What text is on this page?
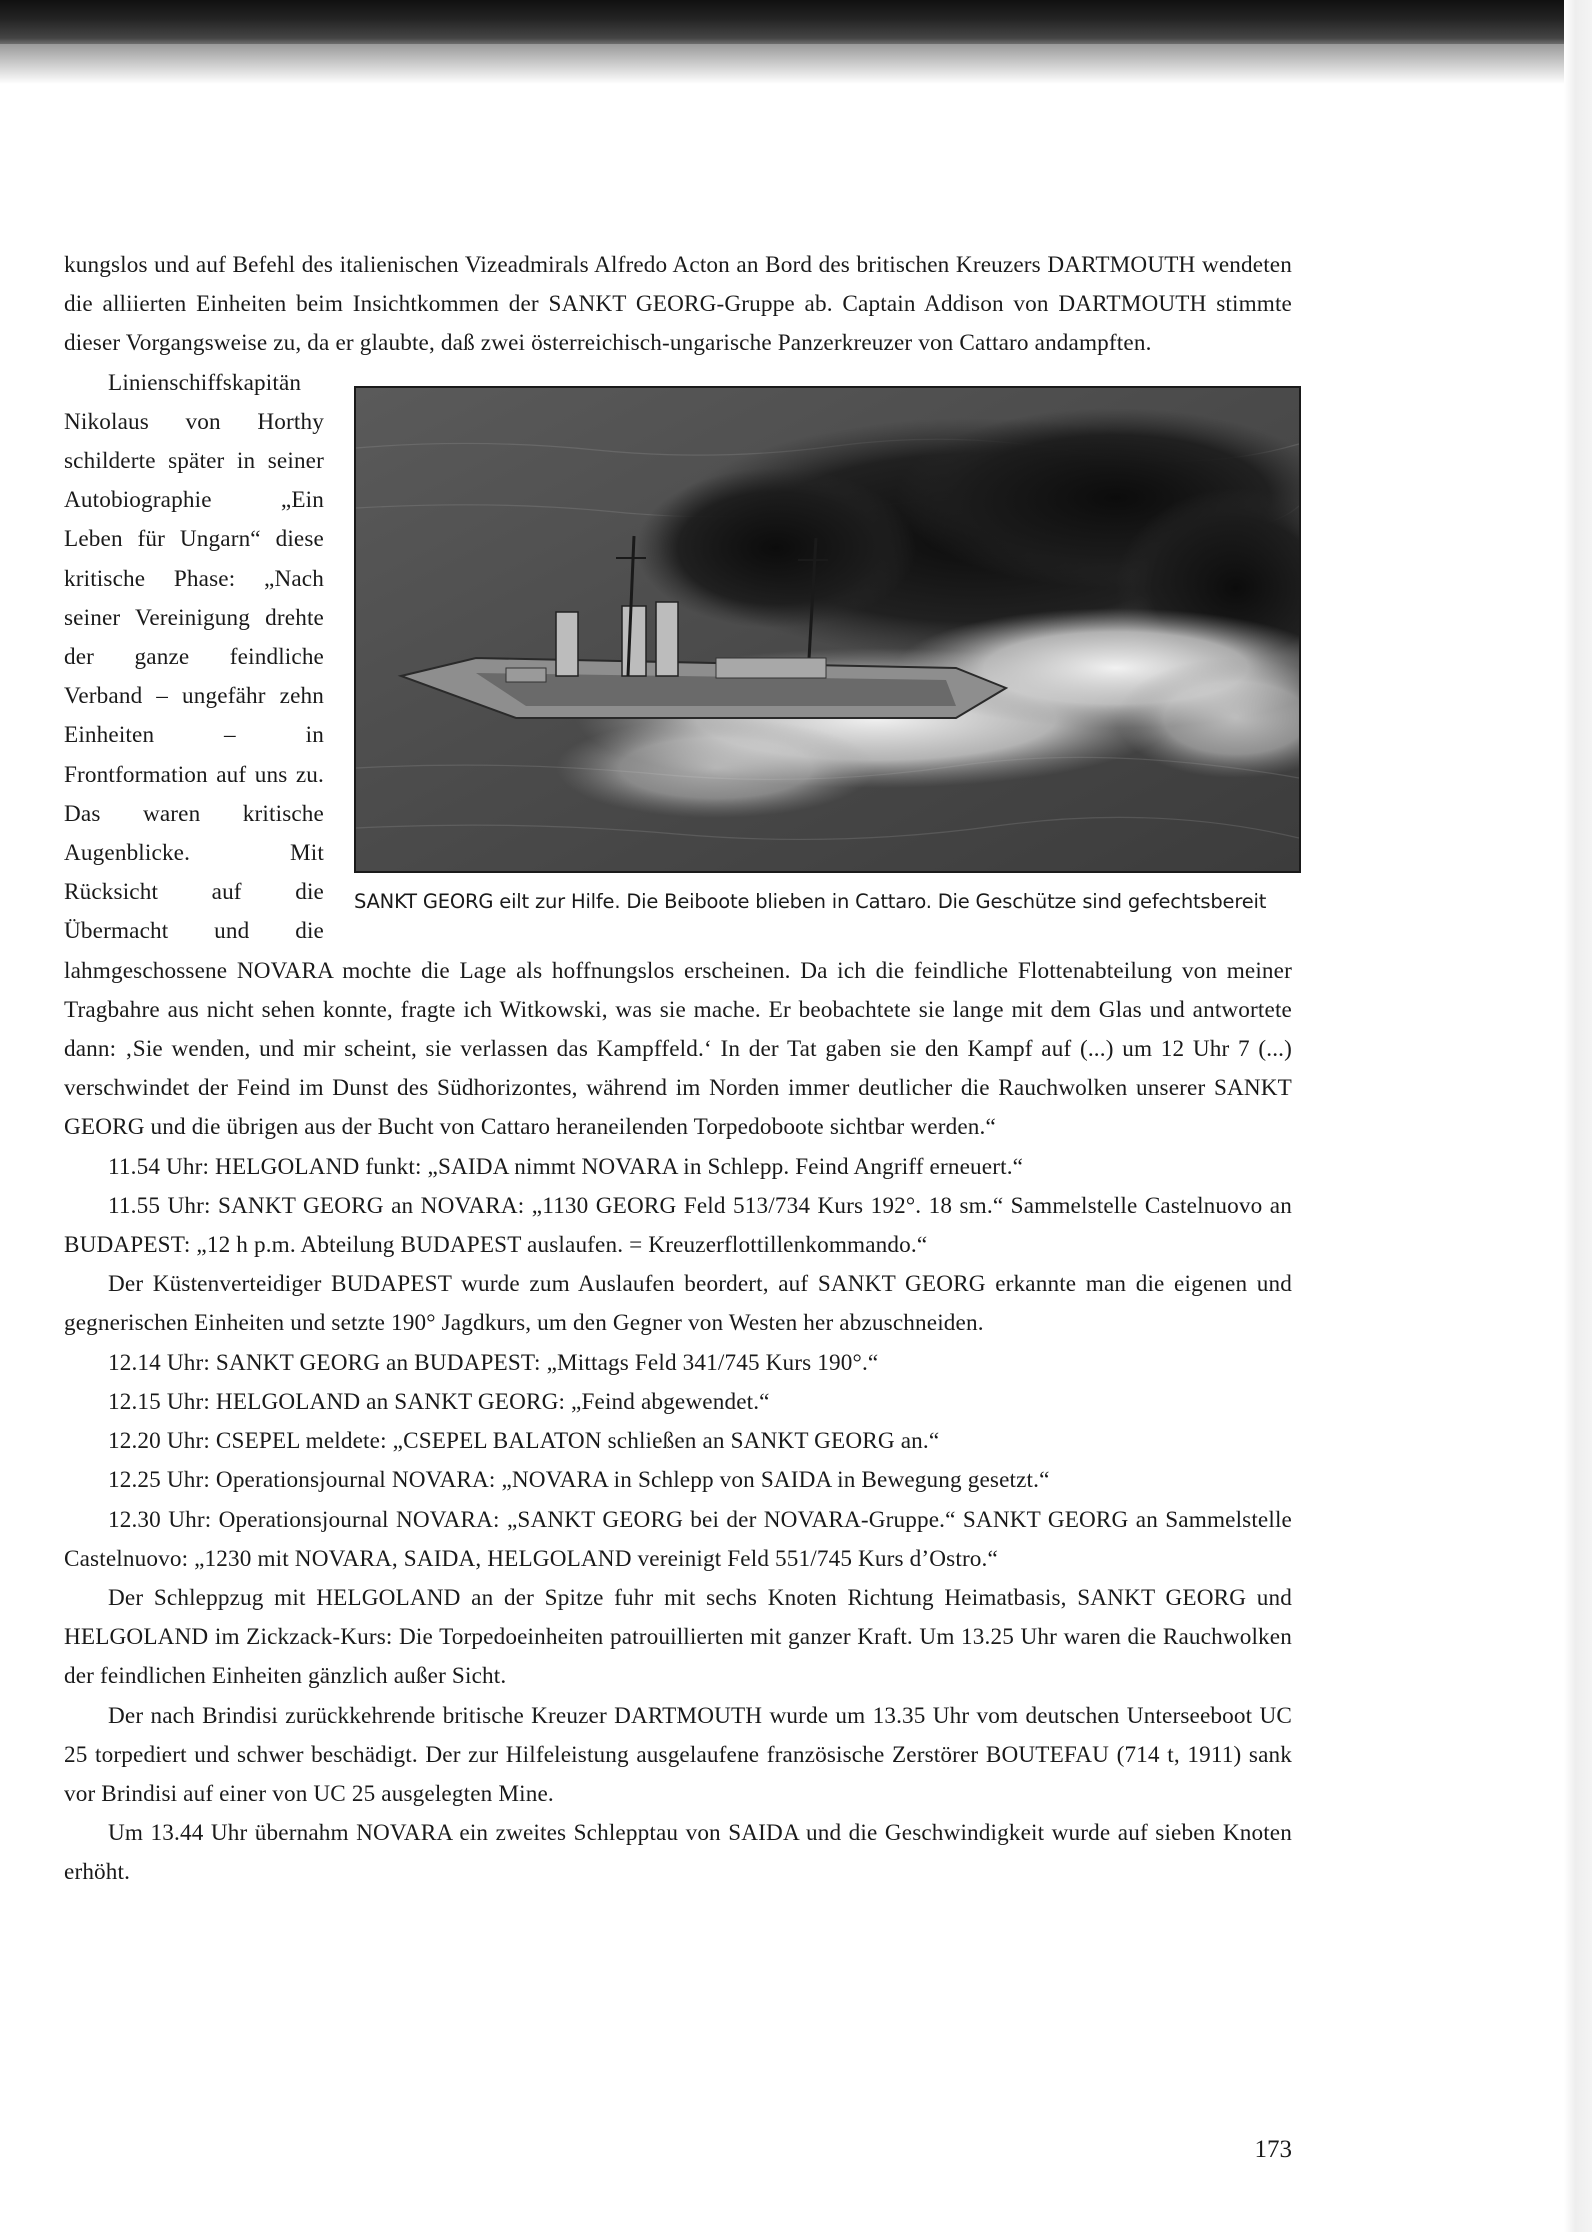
kungslos und auf Befehl des italienischen Vizeadmirals Alfredo Acton an Bord des britischen Kreuzers DARTMOUTH wendeten die alliierten Einheiten beim Insichtkommen der SANKT GEORG-Gruppe ab. Captain Addison von DARTMOUTH stimmte dieser Vorgangsweise zu, da er glaubte, daß zwei österreichisch-ungarische Panzerkreuzer von Cattaro andampften.

SANKT GEORG eilt zur Hilfe. Die Beiboote blieben in Cattaro. Die Geschütze sind gefechtsbereit

Linienschiffskapitän Nikolaus von Horthy schilderte später in seiner Autobiographie „Ein Leben für Ungarn“ diese kritische Phase: „Nach seiner Vereinigung drehte der ganze feindliche Verband – ungefähr zehn Einheiten – in Frontformation auf uns zu. Das waren kritische Augenblicke. Mit Rücksicht auf die Übermacht und die lahmgeschossene NOVARA mochte die Lage als hoffnungslos erscheinen. Da ich die feindliche Flottenabteilung von meiner Tragbahre aus nicht sehen konnte, fragte ich Witkowski, was sie mache. Er beobachtete sie lange mit dem Glas und antwortete dann: ‚Sie wenden, und mir scheint, sie verlassen das Kampffeld.‘ In der Tat gaben sie den Kampf auf (...) um 12 Uhr 7 (...) verschwindet der Feind im Dunst des Südhorizontes, während im Norden immer deutlicher die Rauchwolken unserer SANKT GEORG und die übrigen aus der Bucht von Cattaro heraneilenden Torpedoboote sichtbar werden.“

11.54 Uhr: HELGOLAND funkt: „SAIDA nimmt NOVARA in Schlepp. Feind Angriff erneuert.“

11.55 Uhr: SANKT GEORG an NOVARA: „1130 GEORG Feld 513/734 Kurs 192°. 18 sm.“ Sammelstelle Castelnuovo an BUDAPEST: „12 h p.m. Abteilung BUDAPEST auslaufen. = Kreuzerflottillenkommando.“

Der Küstenverteidiger BUDAPEST wurde zum Auslaufen beordert, auf SANKT GEORG erkannte man die eigenen und gegnerischen Einheiten und setzte 190° Jagdkurs, um den Gegner von Westen her abzuschneiden.

12.14 Uhr: SANKT GEORG an BUDAPEST: „Mittags Feld 341/745 Kurs 190°.“

12.15 Uhr: HELGOLAND an SANKT GEORG: „Feind abgewendet.“

12.20 Uhr: CSEPEL meldete: „CSEPEL BALATON schließen an SANKT GEORG an.“

12.25 Uhr: Operationsjournal NOVARA: „NOVARA in Schlepp von SAIDA in Bewegung gesetzt.“

12.30 Uhr: Operationsjournal NOVARA: „SANKT GEORG bei der NOVARA-Gruppe.“ SANKT GEORG an Sammelstelle Castelnuovo: „1230 mit NOVARA, SAIDA, HELGOLAND vereinigt Feld 551/745 Kurs d’Ostro.“

Der Schleppzug mit HELGOLAND an der Spitze fuhr mit sechs Knoten Richtung Heimatbasis, SANKT GEORG und HELGOLAND im Zickzack-Kurs: Die Torpedoeinheiten patrouillierten mit ganzer Kraft. Um 13.25 Uhr waren die Rauchwolken der feindlichen Einheiten gänzlich außer Sicht.

Der nach Brindisi zurückkehrende britische Kreuzer DARTMOUTH wurde um 13.35 Uhr vom deutschen Unterseeboot UC 25 torpediert und schwer beschädigt. Der zur Hilfeleistung ausgelaufene französische Zerstörer BOUTEFAU (714 t, 1911) sank vor Brindisi auf einer von UC 25 ausgelegten Mine.

Um 13.44 Uhr übernahm NOVARA ein zweites Schlepptau von SAIDA und die Geschwindigkeit wurde auf sieben Knoten erhöht.

173
